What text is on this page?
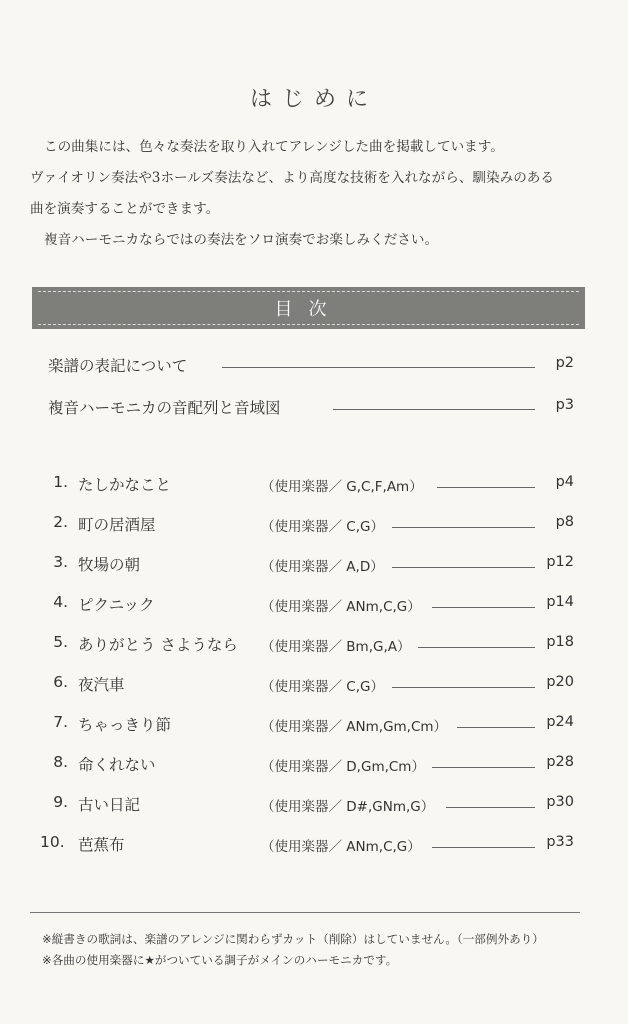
はじめに

この曲集には、色々な奏法を取り入れてアレンジした曲を掲載しています。

ヴァイオリン奏法や3ホールズ奏法など、より高度な技術を入れながら、馴染みのある

曲を演奏することができます。

複音ハーモニカならではの奏法をソロ演奏でお楽しみください。

目次
楽譜の表記について	p2
複音ハーモニカの音配列と音域図	p3
1. たしかなこと	（使用楽器／ G,C,F,Am）	p4
2. 町の居酒屋	（使用楽器／ C,G）	p8
3. 牧場の朝	（使用楽器／ A,D）	p12
4. ピクニック	（使用楽器／ ANm,C,G）	p14
5. ありがとう さようなら （使用楽器／ Bm,G,A）	p18
6. 夜汽車	（使用楽器／ C,G）	p20
7. ちゃっきり節	（使用楽器／ ANm,Gm,Cm）	p24
8. 命くれない	（使用楽器／ D,Gm,Cm）	p28
9. 古い日記	（使用楽器／ D#,GNm,G）	p30
10. 芭蕉布	（使用楽器／ ANm,C,G）	p33

※縦書きの歌詞は、楽譜のアレンジに関わらずカット（削除）はしていません。（一部例外あり）

※各曲の使用楽器に★がついている調子がメインのハーモニカです。
